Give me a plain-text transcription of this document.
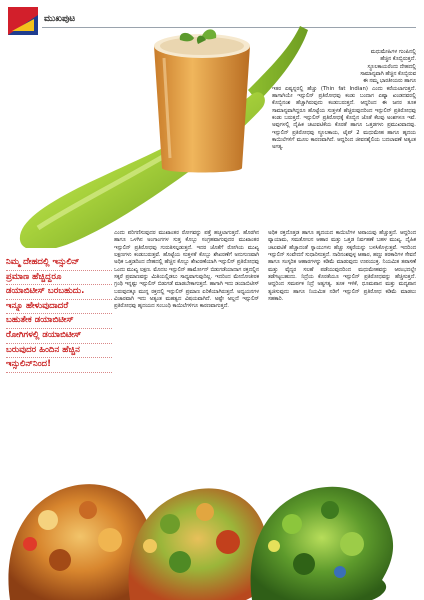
ಮುಖಪುಟ

ಮಧುಮೇಹಿಗಳ ಗುಂಪಿನಲ್ಲಿ

ಹೆಚ್ಚಿನ ಕೊಬ್ಬಿರುತ್ತದೆ.

ಸ್ಥೂಲಕಾಯರೆಂದು ದೇಹದಲ್ಲಿ

ಸಾಮಾನ್ಯವಾಗಿ ಹೆಚ್ಚಿನ ಕೊಬ್ಬಿರುವ

ಈ ನಮ್ಮ ಭಾರತೀಯರು ಹಾಗೂ

ಇತರ ಏಷ್ಯನ್ನರಲ್ಲಿ ಹೆಚ್ಚು (Thin fat Indian) ಎಂದು ಕರೆಯಲಾಗುತ್ತದೆ. ಹಾಗಾಗಿಯೇ ಇನ್ಸುಲಿನ್ ಪ್ರತಿರೋಧವು ಕಂಡು ಬಂದಾಗ ಏಷ್ಯಾ ಖಂಡದವರಲ್ಲಿ ಕೊಬ್ಬಿನಂಶ ಹೆಚ್ಚಾಗಿರುವುದು ಕಂಡುಬರುತ್ತದೆ. ಆದ್ದರಿಂದ ಈ ಜನರ ತೂಕ ಸಾಮಾನ್ಯವಾಗಿದ್ದರೂ ಹೊಟ್ಟೆಯ ಸುತ್ತಳತೆ ಹೆಚ್ಚಿರುವುದರಿಂದ ಇನ್ಸುಲಿನ್ ಪ್ರತಿರೋಧವು ಕಂಡು ಬರುತ್ತದೆ. ಇನ್ಸುಲಿನ್ ಪ್ರತಿರೋಧಕ್ಕೆ ಕೊಬ್ಬಿನ ಜೊತೆ ಕೆಲವು ಅಂಶಗಳೂ ಇವೆ. ಅವುಗಳಲ್ಲಿ ದೈಹಿಕ ಚಟುವಟಿಕೆಯ ಕೊರತೆ ಹಾಗೂ ಒತ್ತಡಗಳು ಪ್ರಮುಖವಾದವು. ಇನ್ಸುಲಿನ್ ಪ್ರತಿರೋಧವು ಸ್ಥೂಲಕಾಯ, ಟೈಪ್ 2 ಮಧುಮೇಹ ಹಾಗೂ ಹೃದಯ ಕಾಯಿಲೆಗಳಿಗೆ ಮೂಲ ಕಾರಣವಾಗಿದೆ. ಆದ್ದರಿಂದ ಜೀವನಶೈಲಿಯ ಬದಲಾವಣೆ ಅತ್ಯಂತ ಅಗತ್ಯ.

ಎಂದು ಪರಿಗಣಿಸುವುದರ ಮುಖಾಂತರ ರೋಗವನ್ನು ಪತ್ತೆ ಹಚ್ಚಲಾಗುತ್ತದೆ. ಹೊರಗಿನ ಹಾಗೂ ಒಳಗಿನ ಅಂಗಾಂಗಗಳ ಸುತ್ತ ಕೊಬ್ಬು ಸಂಗ್ರಹವಾಗುವುದರ ಮುಖಾಂತರ ಇನ್ಸುಲಿನ್ ಪ್ರತಿರೋಧವು ಗುರುತಿಸಲ್ಪಡುತ್ತದೆ. ಇದರ ಜೊತೆಗೆ ರೋಗಿಯ ಮುಖ್ಯ ಲಕ್ಷಣಗಳು ಕಂಡುಬರುತ್ತವೆ. ಹೊಟ್ಟೆಯ ಸುತ್ತಳತೆ ಕೊಬ್ಬು ಶೇಖರಣೆಗೆ ಅನುಗುಣವಾಗಿ ಅಧಿಕ ಒತ್ತಡದಿಂದ ದೇಹದಲ್ಲಿ ಹೆಚ್ಚಿನ ಕೊಬ್ಬು ಶೇಖರಣೆಯಾಗಿ ಇನ್ಸುಲಿನ್ ಪ್ರತಿರೋಧವು ಒಂದು ಮುಖ್ಯ ಲಕ್ಷಣ. ಮೊದಲ ಇನ್ಸುಲಿನ್ ಹಾರ್ಮೋನ್ ಬಿಡುಗಡೆಯಾದಾಗ ರಕ್ತದಲ್ಲಿನ ಸಕ್ಕರೆ ಪ್ರಮಾಣವನ್ನು ಮಿತಿಯಲ್ಲಿಡಲು ಸಾಧ್ಯವಾಗುವುದಿಲ್ಲ. ಇದರಿಂದ ಮೇದೋಜೀರಕ ಗ್ರಂಥಿ ಇನ್ನಷ್ಟು ಇನ್ಸುಲಿನ್ ಬಿಡುಗಡೆ ಮಾಡಬೇಕಾಗುತ್ತದೆ. ಹಾಗಾಗಿ ಇದು ಡಯಾಬಿಟೀಸ್ ಬರುವುದಕ್ಕೂ ಮುನ್ನ ರಕ್ತದಲ್ಲಿ ಇನ್ಸುಲಿನ್ ಪ್ರಮಾಣ ಏರಿಕೆಯಾಗಿರುತ್ತದೆ. ಅಧ್ಯಯನಗಳ ವಿಚಾರವಾಗಿ ಇದು ಅತ್ಯಂತ ಮಹತ್ವದ ವಿಷಯವಾಗಿದೆ. ಅಷ್ಟೇ ಅಲ್ಲದೆ ಇನ್ಸುಲಿನ್ ಪ್ರತಿರೋಧವು ಹೃದಯದ ಸಂಬಂಧಿ ಕಾಯಿಲೆಗಳಿಗೂ ಕಾರಣವಾಗುತ್ತದೆ.

ಅಧಿಕ ರಕ್ತದೊತ್ತಡ ಹಾಗೂ ಹೃದಯದ ಕಾಯಿಲೆಗಳ ಅಪಾಯವು ಹೆಚ್ಚುತ್ತದೆ. ಆದ್ದರಿಂದ ವ್ಯಾಯಾಮ, ಸಮತೋಲನ ಆಹಾರ ಮತ್ತು ಒತ್ತಡ ನಿರ್ವಹಣೆ ಬಹಳ ಮುಖ್ಯ. ದೈಹಿಕ ಚಟುವಟಿಕೆ ಹೆಚ್ಚಾದಂತೆ ಸ್ನಾಯುಗಳು ಹೆಚ್ಚು ಸಕ್ಕರೆಯನ್ನು ಬಳಸಿಕೊಳ್ಳುತ್ತವೆ. ಇದರಿಂದ ಇನ್ಸುಲಿನ್ ಸಂವೇದನೆ ಸುಧಾರಿಸುತ್ತದೆ. ನಾರಿನಂಶವುಳ್ಳ ಆಹಾರ, ಹಣ್ಣು ತರಕಾರಿಗಳ ಸೇವನೆ ಹಾಗೂ ಸಂಸ್ಕರಿತ ಆಹಾರಗಳನ್ನು ಕಡಿಮೆ ಮಾಡುವುದು ಉಪಯುಕ್ತ. ನಿಯಮಿತ ತಪಾಸಣೆ ಮತ್ತು ವೈದ್ಯರ ಸಲಹೆ ಪಡೆಯುವುದರಿಂದ ಮಧುಮೇಹವನ್ನು ಆರಂಭದಲ್ಲೇ ತಡೆಗಟ್ಟಬಹುದು. ನಿದ್ರೆಯ ಕೊರತೆಯೂ ಇನ್ಸುಲಿನ್ ಪ್ರತಿರೋಧವನ್ನು ಹೆಚ್ಚಿಸುತ್ತದೆ. ಆದ್ದರಿಂದ ಸಮರ್ಪಕ ನಿದ್ರೆ ಅತ್ಯಗತ್ಯ. ತೂಕ ಇಳಿಕೆ, ಧೂಮಪಾನ ಮತ್ತು ಮದ್ಯಪಾನ ತ್ಯಜಿಸುವುದು ಹಾಗೂ ನಿಯಮಿತ ನಡಿಗೆ ಇನ್ಸುಲಿನ್ ಪ್ರತಿರೋಧ ಕಡಿಮೆ ಮಾಡಲು ಸಹಕಾರಿ.

ನಿಮ್ಮ ದೇಹದಲ್ಲಿ ಇನ್ಸುಲಿನ್
ಪ್ರಮಾಣ ಹೆಚ್ಚಿದ್ದರೂ
ಡಯಾಬಿಟೀಸ್ ಬರಬಹುದು.
ಇನ್ನೂ ಹೇಳುವುದಾದರೆ
ಬಹುತೇಕ ಡಯಾಬಿಟೀಸ್
ರೋಗಿಗಳಲ್ಲಿ ಡಯಾಬಿಟೀಸ್
ಬರುವುದರ ಹಿಂದಿನ ಹೆಚ್ಚಿನ
ಇನ್ಸುಲಿನ್‌ನಿಂದ!
